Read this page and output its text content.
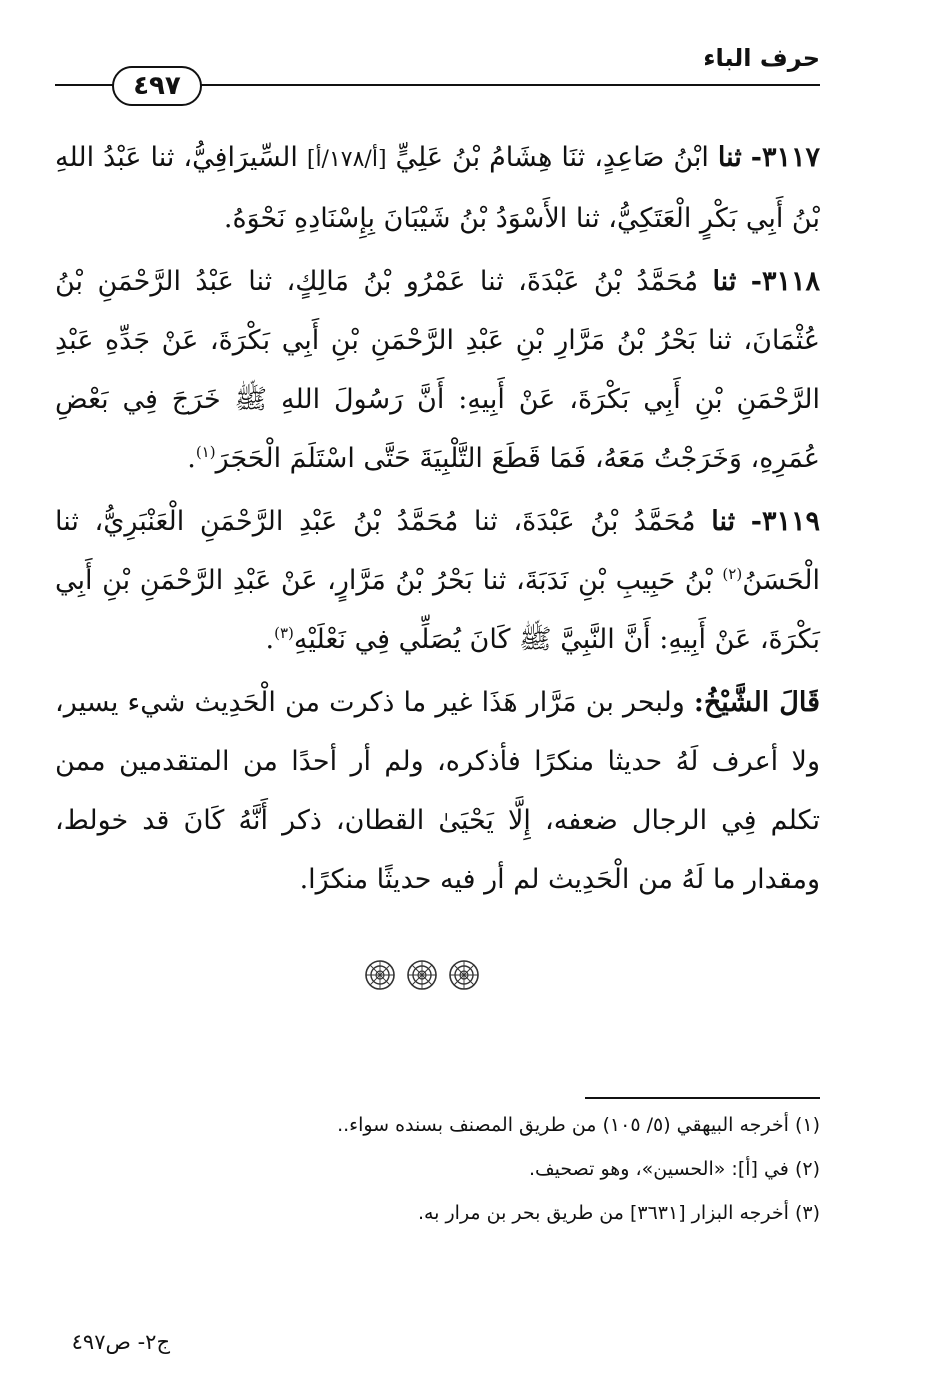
حرف الباء
٤٩٧

٣١١٧- ثنا ابْنُ صَاعِدٍ، ثنَا هِشَامُ بْنُ عَلِيٍّ [أ/١٧٨/أ] السِّيرَافِيُّ، ثنا عَبْدُ اللهِ بْنُ أَبِي بَكْرٍ الْعَتَكِيُّ، ثنا الأَسْوَدُ بْنُ شَيْبَانَ بِإِسْنَادِهِ نَحْوَهُ.

٣١١٨- ثنا مُحَمَّدُ بْنُ عَبْدَةَ، ثنا عَمْرُو بْنُ مَالِكٍ، ثنا عَبْدُ الرَّحْمَنِ بْنُ عُثْمَانَ، ثنا بَحْرُ بْنُ مَرَّارِ بْنِ عَبْدِ الرَّحْمَنِ بْنِ أَبِي بَكْرَةَ، عَنْ جَدِّهِ عَبْدِ الرَّحْمَنِ بْنِ أَبِي بَكْرَةَ، عَنْ أَبِيهِ: أَنَّ رَسُولَ اللهِ ﷺ خَرَجَ فِي بَعْضِ عُمَرِهِ، وَخَرَجْتُ مَعَهُ، فَمَا قَطَعَ التَّلْبِيَةَ حَتَّى اسْتَلَمَ الْحَجَرَ$^{(١)}$.

٣١١٩- ثنا مُحَمَّدُ بْنُ عَبْدَةَ، ثنا مُحَمَّدُ بْنُ عَبْدِ الرَّحْمَنِ الْعَنْبَرِيُّ، ثنا الْحَسَنُ$^{(٢)}$ بْنُ حَبِيبِ بْنِ نَدَبَةَ، ثنا بَحْرُ بْنُ مَرَّارٍ، عَنْ عَبْدِ الرَّحْمَنِ بْنِ أَبِي بَكْرَةَ، عَنْ أَبِيهِ: أَنَّ النَّبِيَّ ﷺ كَانَ يُصَلِّي فِي نَعْلَيْهِ$^{(٣)}$.

قَالَ الشَّيْخُ: ولبحر بن مَرَّار هَذَا غير ما ذكرت من الْحَدِيث شيء يسير، ولا أعرف لَهُ حديثا منكرًا فأذكره، ولم أر أحدًا من المتقدمين ممن تكلم فِي الرجال ضعفه، إِلَّا يَحْيَىٰ القطان، ذكر أَنَّهُ كَانَ قد خولط، ومقدار ما لَهُ من الْحَدِيث لم أر فيه حديثًا منكرًا.

(١) أخرجه البيهقي (٥/ ١٠٥) من طريق المصنف بسنده سواء..

(٢) في [أ]: «الحسين»، وهو تصحيف.

(٣) أخرجه البزار [٣٦٣١] من طريق بحر بن مرار به.

ج٢- ص٤٩٧
